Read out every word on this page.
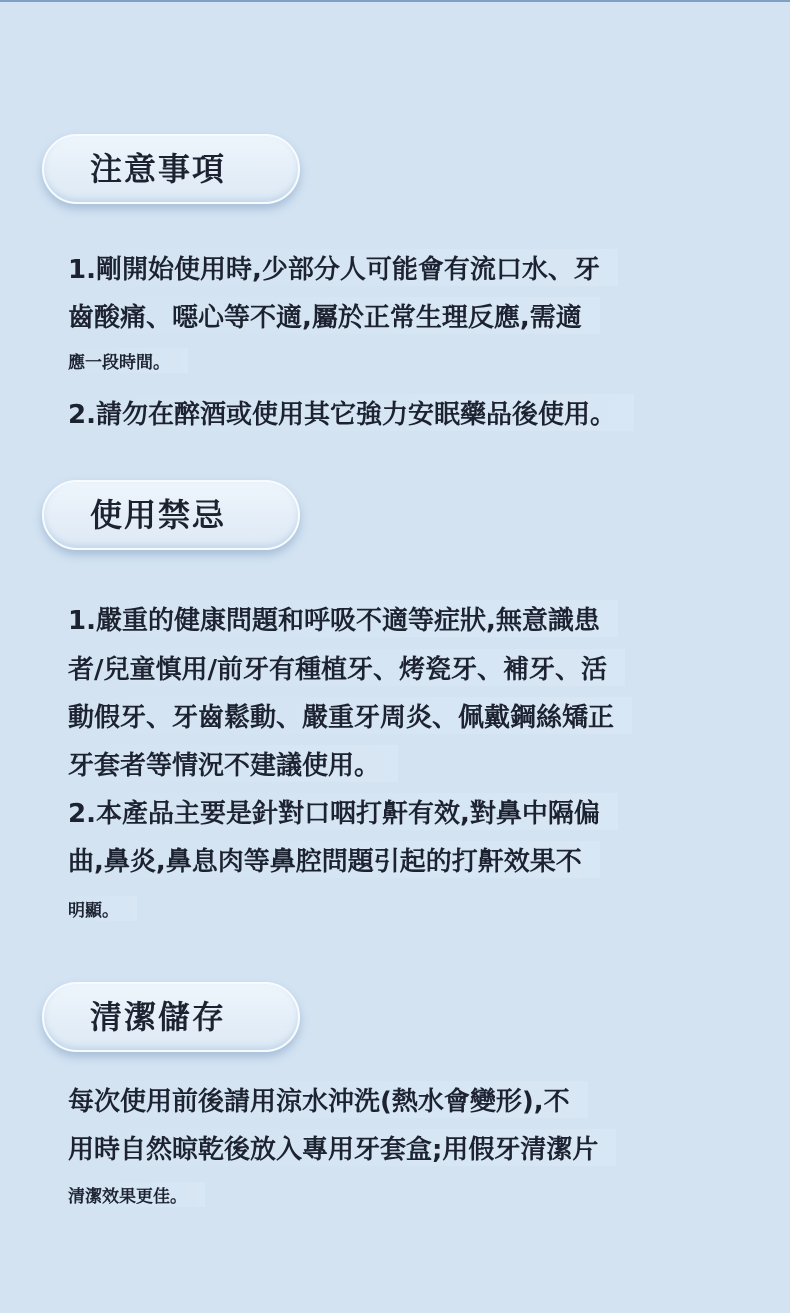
注意事項
1.剛開始使用時,少部分人可能會有流口水、牙
齒酸痛、噁心等不適,屬於正常生理反應,需適
應一段時間。
2.請勿在醉酒或使用其它強力安眠藥品後使用。
使用禁忌
1.嚴重的健康問題和呼吸不適等症狀,無意識患
者/兒童慎用/前牙有種植牙、烤瓷牙、補牙、活
動假牙、牙齒鬆動、嚴重牙周炎、佩戴鋼絲矯正
牙套者等情況不建議使用。
2.本產品主要是針對口咽打鼾有效,對鼻中隔偏
曲,鼻炎,鼻息肉等鼻腔問題引起的打鼾效果不
明顯。
清潔儲存
每次使用前後請用涼水沖洗(熱水會變形),不
用時自然晾乾後放入專用牙套盒;用假牙清潔片
清潔效果更佳。
